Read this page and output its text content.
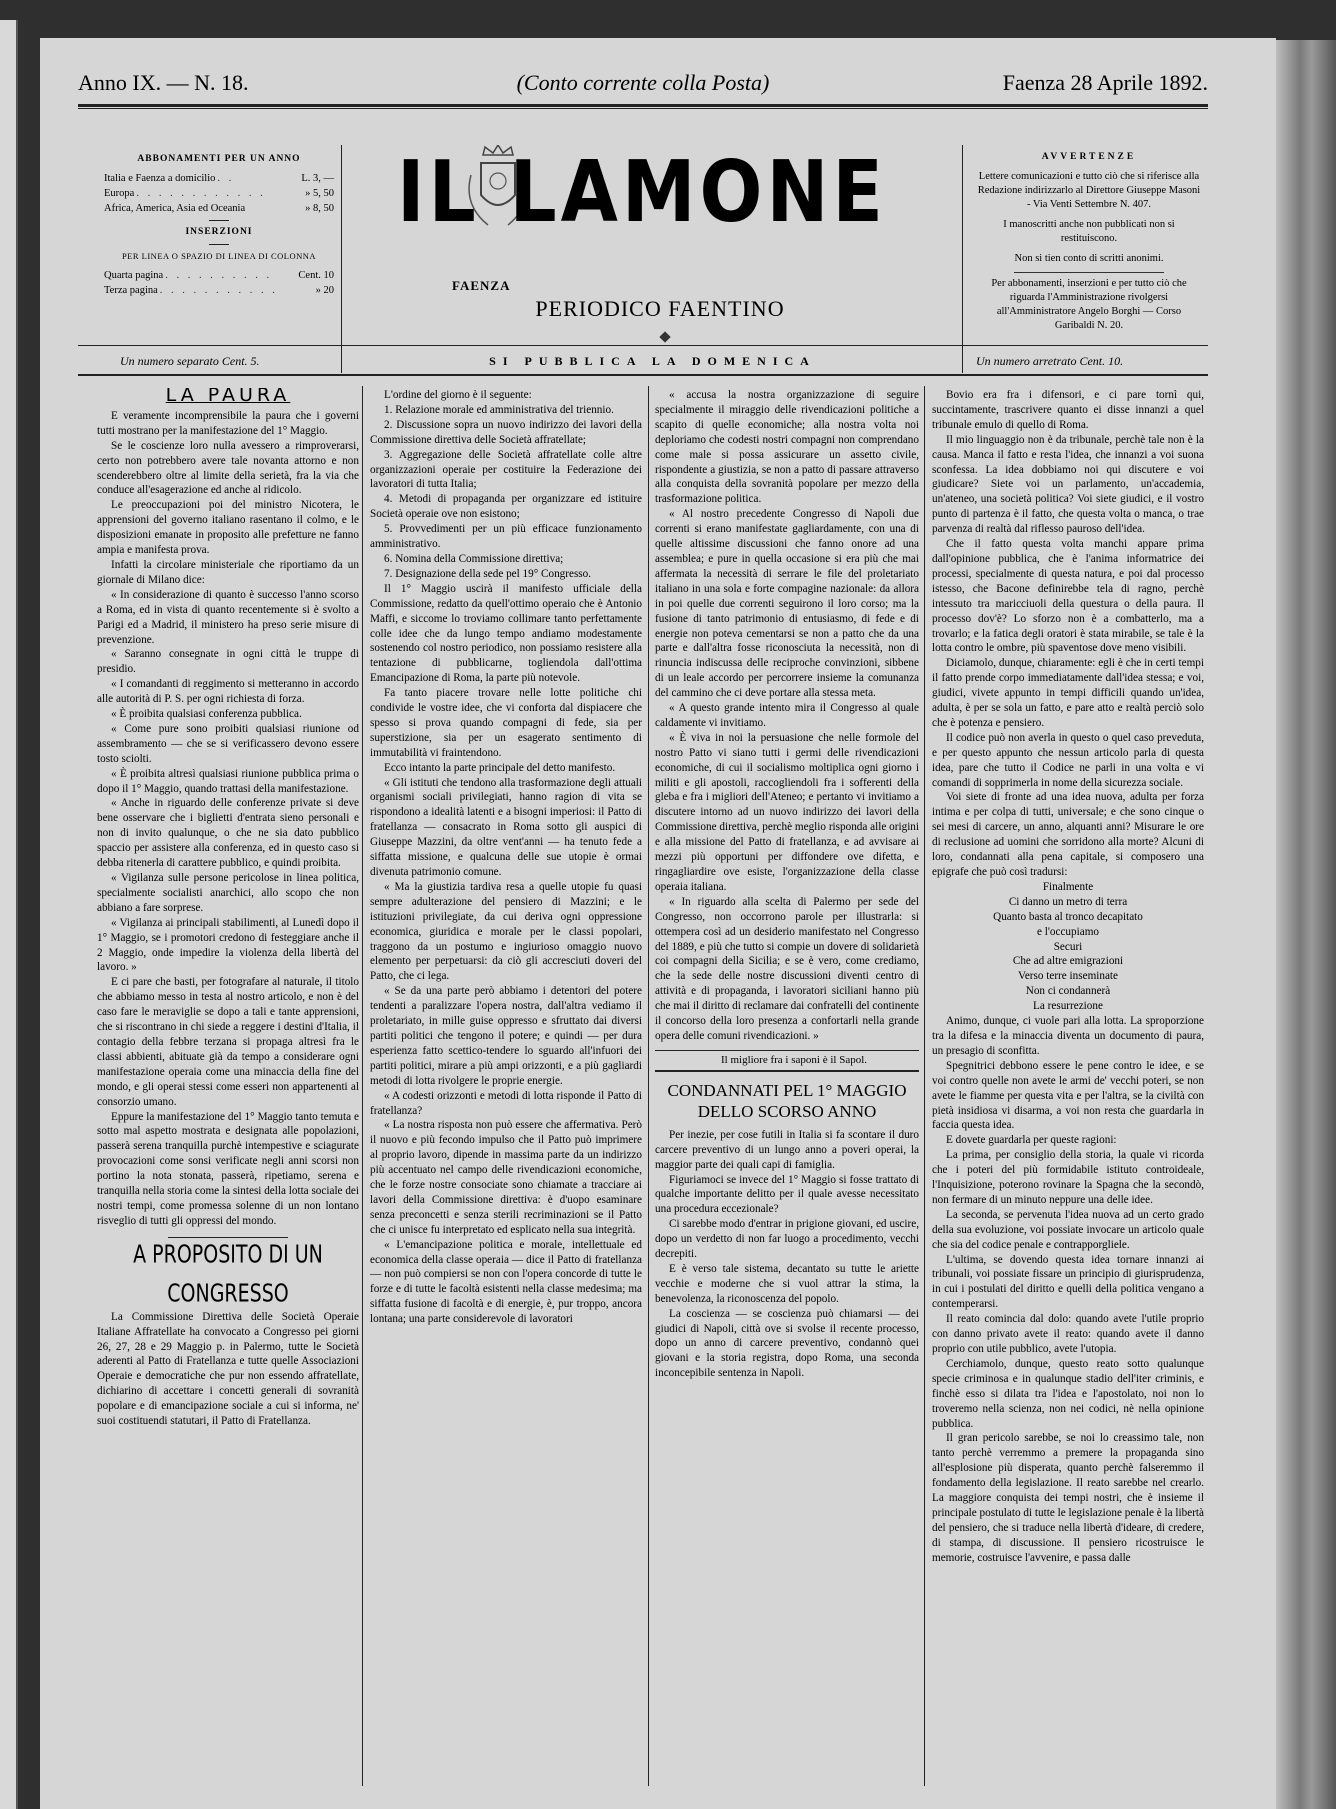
Anno IX. — N. 18.	(Conto corrente colla Posta)	Faenza 28 Aprile 1892.
ABBONAMENTI PER UN ANNO
Italia e Faenza a domicilio . .	L. 3, —
Europa . . . . . . . . . . . .	» 5, 50
Africa, America, Asia ed Oceania	» 8, 50
INSERZIONI
PER LINEA O SPAZIO DI LINEA DI COLONNA
Quarta pagina . . . . . . . . . .	Cent. 10
Terza pagina . . . . . . . . . . .	» 20
IL LAMONE
FAENZA
PERIODICO FAENTINO
AVVERTENZE

Lettere comunicazioni e tutto ciò che si riferisce alla Redazione indirizzarlo al Direttore Giuseppe Masoni - Via Venti Settembre N. 407.

I manoscritti anche non pubblicati non si restituiscono.

Non si tien conto di scritti anonimi.

Per abbonamenti, inserzioni e per tutto ciò che riguarda l'Amministrazione rivolgersi all'Amministratore Angelo Borghi — Corso Garibaldi N. 20.

Un numero separato Cent. 5.	SI PUBBLICA LA DOMENICA	Un numero arretrato Cent. 10.
LA PAURA

E veramente incomprensibile la paura che i governi tutti mostrano per la manifestazione del 1° Maggio.

Se le coscienze loro nulla avessero a rimproverarsi, certo non potrebbero avere tale novanta attorno e non scenderebbero oltre al limite della serietà, fra la via che conduce all'esagerazione ed anche al ridicolo.

Le preoccupazioni poi del ministro Nicotera, le apprensioni del governo italiano rasentano il colmo, e le disposizioni emanate in proposito alle prefetture ne fanno ampia e manifesta prova.

Infatti la circolare ministeriale che riportiamo da un giornale di Milano dice:

« In considerazione di quanto è successo l'anno scorso a Roma, ed in vista di quanto recentemente si è svolto a Parigi ed a Madrid, il ministero ha preso serie misure di prevenzione.

« Saranno consegnate in ogni città le truppe di presidio.

« I comandanti di reggimento si metteranno in accordo alle autorità di P. S. per ogni richiesta di forza.

« È proibita qualsiasi conferenza pubblica.

« Come pure sono proibiti qualsiasi riunione od assembramento — che se si verificassero devono essere tosto sciolti.

« È proibita altresì qualsiasi riunione pubblica prima o dopo il 1° Maggio, quando trattasi della manifestazione.

« Anche in riguardo delle conferenze private si deve bene osservare che i biglietti d'entrata sieno personali e non di invito qualunque, o che ne sia dato pubblico spaccio per assistere alla conferenza, ed in questo caso si debba ritenerla di carattere pubblico, e quindi proibita.

« Vigilanza sulle persone pericolose in linea politica, specialmente socialisti anarchici, allo scopo che non abbiano a fare sorprese.

« Vigilanza ai principali stabilimenti, al Lunedì dopo il 1° Maggio, se i promotori credono di festeggiare anche il 2 Maggio, onde impedire la violenza della libertà del lavoro. »

E ci pare che basti, per fotografare al naturale, il titolo che abbiamo messo in testa al nostro articolo, e non è del caso fare le meraviglie se dopo a tali e tante apprensioni, che si riscontrano in chi siede a reggere i destini d'Italia, il contagio della febbre terzana si propaga altresì fra le classi abbienti, abituate già da tempo a considerare ogni manifestazione operaia come una minaccia della fine del mondo, e gli operai stessi come esseri non appartenenti al consorzio umano.

Eppure la manifestazione del 1° Maggio tanto temuta e sotto mal aspetto mostrata e designata alle popolazioni, passerà serena tranquilla purchè intempestive e sciagurate provocazioni come sonsi verificate negli anni scorsi non portino la nota stonata, passerà, ripetiamo, serena e tranquilla nella storia come la sintesi della lotta sociale dei nostri tempi, come promessa solenne di un non lontano risveglio di tutti gli oppressi del mondo.

A PROPOSITO DI UN CONGRESSO

La Commissione Direttiva delle Società Operaie Italiane Affratellate ha convocato a Congresso pei giorni 26, 27, 28 e 29 Maggio p. in Palermo, tutte le Società aderenti al Patto di Fratellanza e tutte quelle Associazioni Operaie e democratiche che pur non essendo affratellate, dichiarino di accettare i concetti generali di sovranità popolare e di emancipazione sociale a cui si informa, ne' suoi costituendi statutari, il Patto di Fratellanza.

L'ordine del giorno è il seguente:

1. Relazione morale ed amministrativa del triennio.

2. Discussione sopra un nuovo indirizzo dei lavori della Commissione direttiva delle Società affratellate;

3. Aggregazione delle Società affratellate colle altre organizzazioni operaie per costituire la Federazione dei lavoratori di tutta Italia;

4. Metodi di propaganda per organizzare ed istituire Società operaie ove non esistono;

5. Provvedimenti per un più efficace funzionamento amministrativo.

6. Nomina della Commissione direttiva;

7. Designazione della sede pel 19° Congresso.

Il 1° Maggio uscirà il manifesto ufficiale della Commissione, redatto da quell'ottimo operaio che è Antonio Maffi, e siccome lo troviamo collimare tanto perfettamente colle idee che da lungo tempo andiamo modestamente sostenendo col nostro periodico, non possiamo resistere alla tentazione di pubblicarne, togliendola dall'ottima Emancipazione di Roma, la parte più notevole.

Fa tanto piacere trovare nelle lotte politiche chi condivide le vostre idee, che vi conforta dal dispiacere che spesso si prova quando compagni di fede, sia per superstizione, sia per un esagerato sentimento di immutabilità vi fraintendono.

Ecco intanto la parte principale del detto manifesto.

« Gli istituti che tendono alla trasformazione degli attuali organismi sociali privilegiati, hanno ragion di vita se rispondono a idealità latenti e a bisogni imperiosi: il Patto di fratellanza — consacrato in Roma sotto gli auspici di Giuseppe Mazzini, da oltre vent'anni — ha tenuto fede a siffatta missione, e qualcuna delle sue utopie è ormai divenuta patrimonio comune.

« Ma la giustizia tardiva resa a quelle utopie fu quasi sempre adulterazione del pensiero di Mazzini; e le istituzioni privilegiate, da cui deriva ogni oppressione economica, giuridica e morale per le classi popolari, traggono da un postumo e ingiurioso omaggio nuovo elemento per perpetuarsi: da ciò gli accresciuti doveri del Patto, che ci lega.

« Se da una parte però abbiamo i detentori del potere tendenti a paralizzare l'opera nostra, dall'altra vediamo il proletariato, in mille guise oppresso e sfruttato dai diversi partiti politici che tengono il potere; e quindi — per dura esperienza fatto scettico-tendere lo sguardo all'infuori dei partiti politici, mirare a più ampi orizzonti, e a più gagliardi metodi di lotta rivolgere le proprie energie.

« A codesti orizzonti e metodi di lotta risponde il Patto di fratellanza?

« La nostra risposta non può essere che affermativa. Però il nuovo e più fecondo impulso che il Patto può imprimere al proprio lavoro, dipende in massima parte da un indirizzo più accentuato nel campo delle rivendicazioni economiche, che le forze nostre consociate sono chiamate a tracciare ai lavori della Commissione direttiva: è d'uopo esaminare senza preconcetti e senza sterili recriminazioni se il Patto che ci unisce fu interpretato ed esplicato nella sua integrità.

« L'emancipazione politica e morale, intellettuale ed economica della classe operaia — dice il Patto di fratellanza — non può compiersi se non con l'opera concorde di tutte le forze e di tutte le facoltà esistenti nella classe medesima; ma siffatta fusione di facoltà e di energie, è, pur troppo, ancora lontana; una parte considerevole di lavoratori

« accusa la nostra organizzazione di seguire specialmente il miraggio delle rivendicazioni politiche a scapito di quelle economiche; alla nostra volta noi deploriamo che codesti nostri compagni non comprendano come male si possa assicurare un assetto civile, rispondente a giustizia, se non a patto di passare attraverso alla conquista della sovranità popolare per mezzo della trasformazione politica.

« Al nostro precedente Congresso di Napoli due correnti si erano manifestate gagliardamente, con una di quelle altissime discussioni che fanno onore ad una assemblea; e pure in quella occasione si era più che mai affermata la necessità di serrare le file del proletariato italiano in una sola e forte compagine nazionale: da allora in poi quelle due correnti seguirono il loro corso; ma la fusione di tanto patrimonio di entusiasmo, di fede e di energie non poteva cementarsi se non a patto che da una parte e dall'altra fosse riconosciuta la necessità, non di rinuncia indiscussa delle reciproche convinzioni, sibbene di un leale accordo per percorrere insieme la comunanza del cammino che ci deve portare alla stessa meta.

« A questo grande intento mira il Congresso al quale caldamente vi invitiamo.

« È viva in noi la persuasione che nelle formole del nostro Patto vi siano tutti i germi delle rivendicazioni economiche, di cui il socialismo moltiplica ogni giorno i militi e gli apostoli, raccogliendoli fra i sofferenti della gleba e fra i migliori dell'Ateneo; e pertanto vi invitiamo a discutere intorno ad un nuovo indirizzo dei lavori della Commissione direttiva, perchè meglio risponda alle origini e alla missione del Patto di fratellanza, e ad avvisare ai mezzi più opportuni per diffondere ove difetta, e ringagliardire ove esiste, l'organizzazione della classe operaia italiana.

« In riguardo alla scelta di Palermo per sede del Congresso, non occorrono parole per illustrarla: si ottempera così ad un desiderio manifestato nel Congresso del 1889, e più che tutto si compie un dovere di solidarietà coi compagni della Sicilia; e se è vero, come crediamo, che la sede delle nostre discussioni diventi centro di attività e di propaganda, i lavoratori siciliani hanno più che mai il diritto di reclamare dai confratelli del continente il concorso della loro presenza a confortarli nella grande opera delle comuni rivendicazioni. »

Il migliore fra i saponi è il Sapol.

CONDANNATI PEL 1° MAGGIO DELLO SCORSO ANNO

Per inezie, per cose futili in Italia si fa scontare il duro carcere preventivo di un lungo anno a poveri operai, la maggior parte dei quali capi di famiglia.

Figuriamoci se invece del 1° Maggio si fosse trattato di qualche importante delitto per il quale avesse necessitato una procedura eccezionale?

Ci sarebbe modo d'entrar in prigione giovani, ed uscire, dopo un verdetto di non far luogo a procedimento, vecchi decrepiti.

E è verso tale sistema, decantato su tutte le ariette vecchie e moderne che si vuol attrar la stima, la benevolenza, la riconoscenza del popolo.

La coscienza — se coscienza può chiamarsi — dei giudici di Napoli, città ove si svolse il recente processo, dopo un anno di carcere preventivo, condannò quei giovani e la storia registra, dopo Roma, una seconda inconcepibile sentenza in Napoli.

Bovio era fra i difensori, e ci pare tornì qui, succintamente, trascrivere quanto ei disse innanzi a quel tribunale emulo di quello di Roma.

Il mio linguaggio non è da tribunale, perchè tale non è la causa. Manca il fatto e resta l'idea, che innanzi a voi suona sconfessa. La idea dobbiamo noi qui discutere e voi giudicare? Siete voi un parlamento, un'accademia, un'ateneo, una società politica? Voi siete giudici, e il vostro punto di partenza è il fatto, che questa volta o manca, o trae parvenza di realtà dal riflesso pauroso dell'idea.

Che il fatto questa volta manchi appare prima dall'opinione pubblica, che è l'anima informatrice dei processi, specialmente di questa natura, e poi dal processo istesso, che Bacone definirebbe tela di ragno, perchè intessuto tra maricciuoli della questura o della paura. Il processo dov'è? Lo sforzo non è a combatterlo, ma a trovarlo; e la fatica degli oratori è stata mirabile, se tale è la lotta contro le ombre, più spaventose dove meno visibili.

Diciamolo, dunque, chiaramente: egli è che in certi tempi il fatto prende corpo immediatamente dall'idea stessa; e voi, giudici, vivete appunto in tempi difficili quando un'idea, adulta, è per se sola un fatto, e pare atto e realtà perciò solo che è potenza e pensiero.

Il codice può non averla in questo o quel caso preveduta, e per questo appunto che nessun articolo parla di questa idea, pare che tutto il Codice ne parli in una volta e vi comandi di sopprimerla in nome della sicurezza sociale.

Voi siete di fronte ad una idea nuova, adulta per forza intima e per colpa di tutti, universale; e che sono cinque o sei mesi di carcere, un anno, alquanti anni? Misurare le ore di reclusione ad uomini che sorridono alla morte? Alcuni di loro, condannati alla pena capitale, si composero una epigrafe che può così tradursi:

Finalmente

Ci danno un metro di terra

Quanto basta al tronco decapitato

e l'occupiamo

Securi

Che ad altre emigrazioni

Verso terre inseminate

Non ci condannerà

La resurrezione

Animo, dunque, ci vuole pari alla lotta. La sproporzione tra la difesa e la minaccia diventa un documento di paura, un presagio di sconfitta.

Spegnitrici debbono essere le pene contro le idee, e se voi contro quelle non avete le armi de' vecchi poteri, se non avete le fiamme per questa vita e per l'altra, se la civiltà con pietà insidiosa vi disarma, a voi non resta che guardarla in faccia questa idea.

E dovete guardarla per queste ragioni:

La prima, per consiglio della storia, la quale vi ricorda che i poteri del più formidabile istituto controideale, l'Inquisizione, poterono rovinare la Spagna che la secondò, non fermare di un minuto neppure una delle idee.

La seconda, se pervenuta l'idea nuova ad un certo grado della sua evoluzione, voi possiate invocare un articolo quale che sia del codice penale e contrapporgliele.

L'ultima, se dovendo questa idea tornare innanzi ai tribunali, voi possiate fissare un principio di giurisprudenza, in cui i postulati del diritto e quelli della politica vengano a contemperarsi.

Il reato comincia dal dolo: quando avete l'utile proprio con danno privato avete il reato: quando avete il danno proprio con utile pubblico, avete l'utopia.

Cerchiamolo, dunque, questo reato sotto qualunque specie criminosa e in qualunque stadio dell'iter criminis, e finchè esso si dilata tra l'idea e l'apostolato, noi non lo troveremo nella scienza, non nei codici, nè nella opinione pubblica.

Il gran pericolo sarebbe, se noi lo creassimo tale, non tanto perchè verremmo a premere la propaganda sino all'esplosione più disperata, quanto perchè falseremmo il fondamento della legislazione. Il reato sarebbe nel crearlo. La maggiore conquista dei tempi nostri, che è insieme il principale postulato di tutte le legislazione penale è la libertà del pensiero, che si traduce nella libertà d'ideare, di credere, di stampa, di discussione. Il pensiero ricostruisce le memorie, costruisce l'avvenire, e passa dalle
